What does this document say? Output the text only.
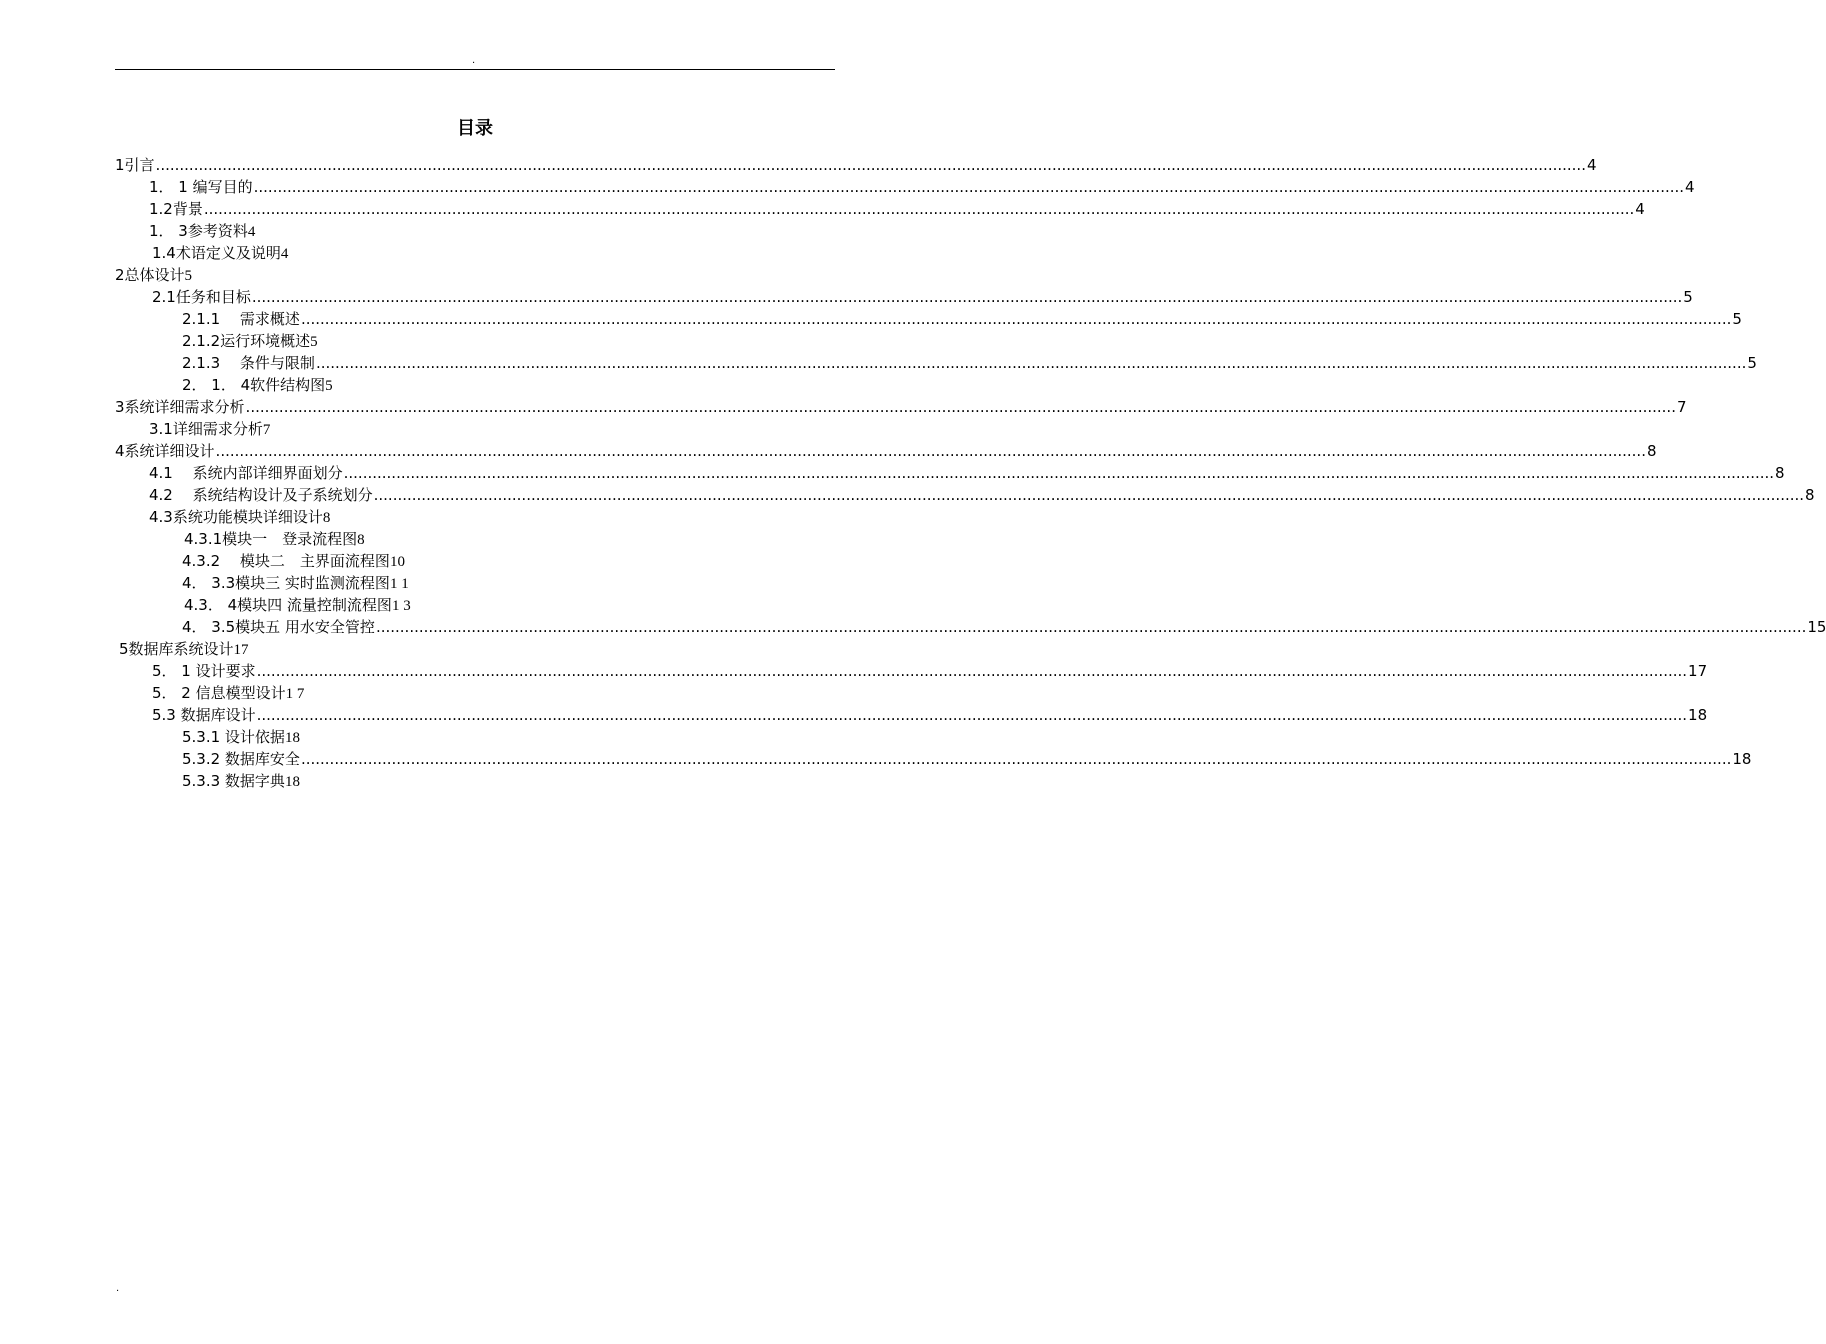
.
目录
1‍引言 ............................................................................................................................................................................................................................................................................................................ 4
1． 1 ‍编写目的 ............................................................................................................................................................................................................................................................................................................ 4
1.2‍背景 ............................................................................................................................................................................................................................................................................................................ 4
1． 3‍参考资料 4‍
1.4‍术语定义及说明 4‍
2‍总体设计 5‍
2.1‍任务和目标 ............................................................................................................................................................................................................................................................................................................ 5
2.1.1　 需求概述 ............................................................................................................................................................................................................................................................................................................ 5
2.1.2‍运行环境概述 5‍
2.1.3　 条件与限制 ............................................................................................................................................................................................................................................................................................................ 5
2． 1． 4‍软件结构图 5‍
3‍系统详细需求分析 ............................................................................................................................................................................................................................................................................................................ 7
3.1‍详细需求分析 7‍
4‍系统详细设计 ............................................................................................................................................................................................................................................................................................................ 8
4.1　 系统内部详细界面划分 ............................................................................................................................................................................................................................................................................................................ 8
4.2　 系统结构设计及子系统划分 ............................................................................................................................................................................................................................................................................................................ 8
4.3‍系统功能模块详细设计 8‍
4.3.1‍模块一　登录流程图 8‍
4.3.2　 模块二　主界面流程图 10‍
4． 3.3‍模块三 实时监测流程图 1 1 ‍
4.3． 4‍模块四 流量控制流程图 1 3 ‍
4． 3.5‍模块五 用水安全管控 ............................................................................................................................................................................................................................................................................................................ 15
5‍数据库系统设计 17‍
5． 1 设计要求 ............................................................................................................................................................................................................................................................................................................ 17
5． 2 信息模型设计 1 7‍
5.3 数据库设计 ............................................................................................................................................................................................................................................................................................................ 18
5.3.1 设计依据 18‍
5.3.2 数据库安全 ............................................................................................................................................................................................................................................................................................................ 18
5.3.3 数据字典 18‍
.
